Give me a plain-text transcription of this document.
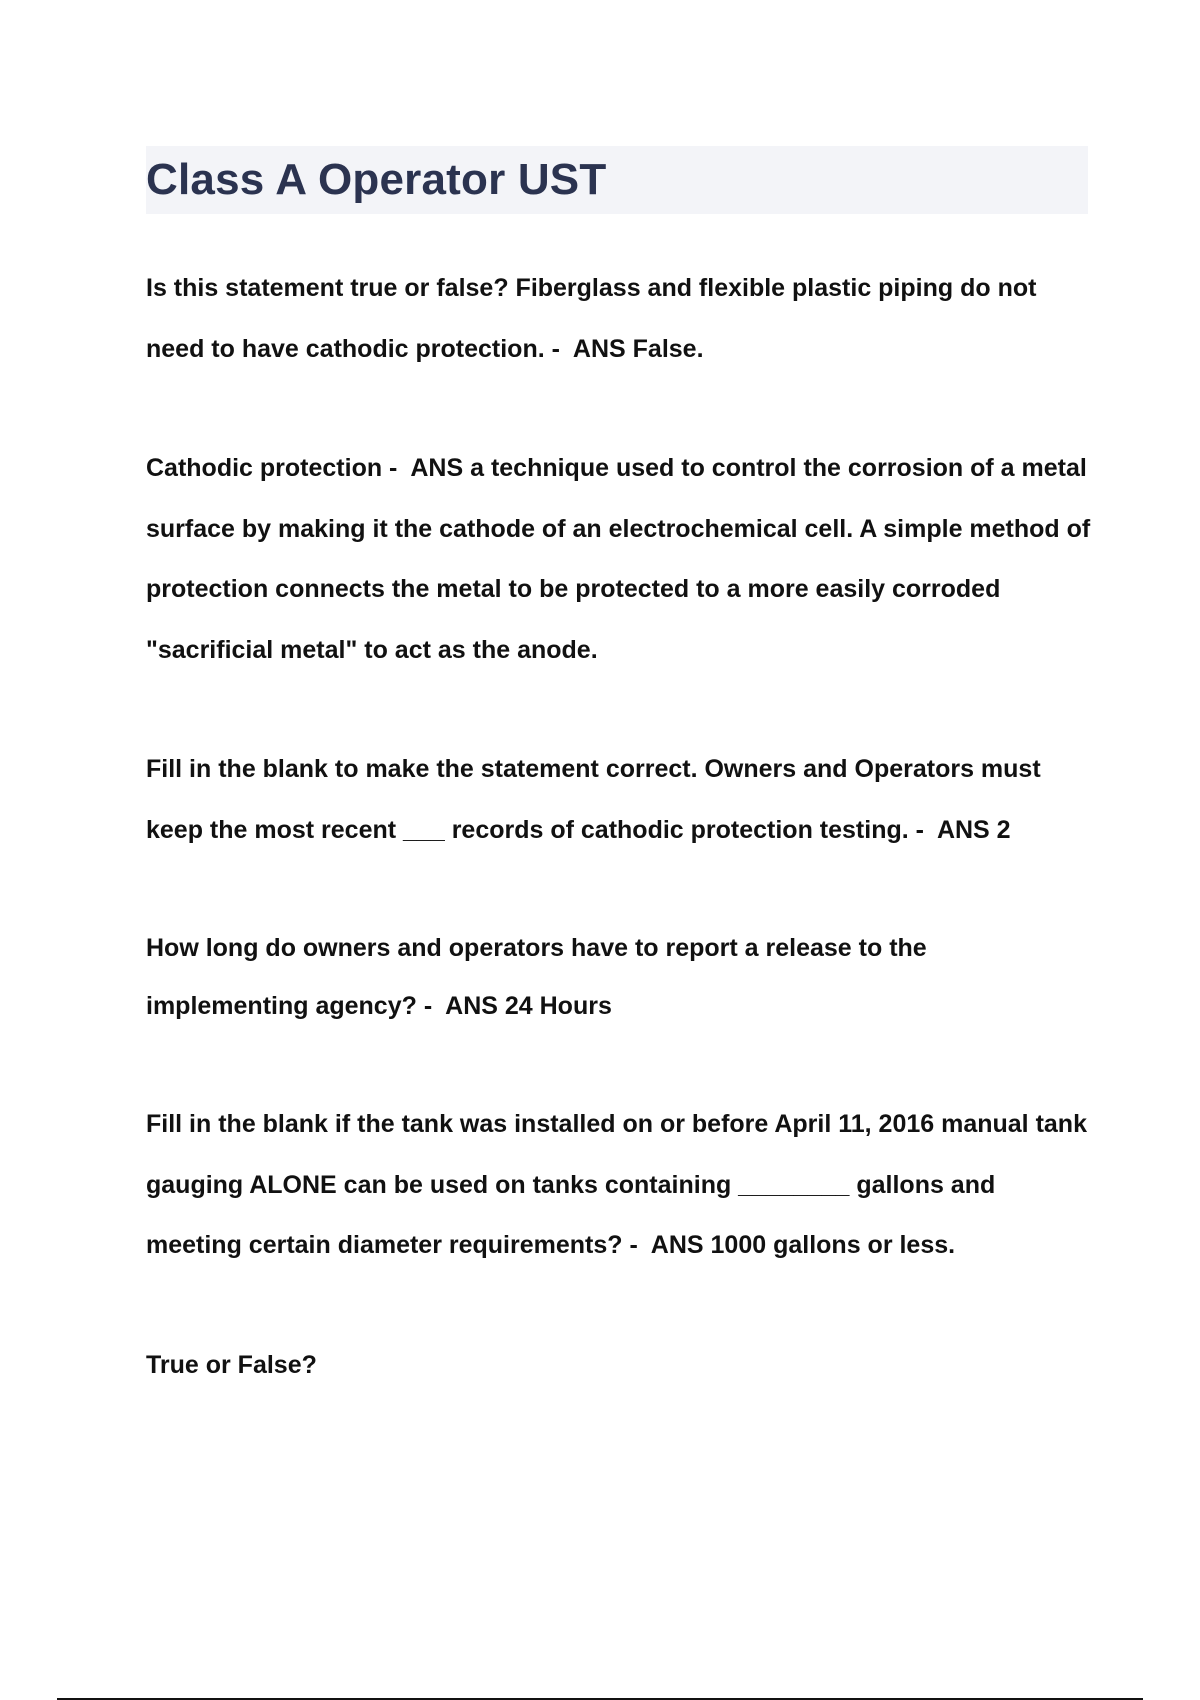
Class A Operator UST

Is this statement true or false? Fiberglass and flexible plastic piping do not need to have cathodic protection. -  ANS False.

Cathodic protection -  ANS a technique used to control the corrosion of a metal surface by making it the cathode of an electrochemical cell. A simple method of protection connects the metal to be protected to a more easily corroded "sacrificial metal" to act as the anode.

Fill in the blank to make the statement correct. Owners and Operators must keep the most recent ___ records of cathodic protection testing. -  ANS 2

How long do owners and operators have to report a release to the implementing agency? -  ANS 24 Hours

Fill in the blank if the tank was installed on or before April 11, 2016 manual tank gauging ALONE can be used on tanks containing ________ gallons and meeting certain diameter requirements? -  ANS 1000 gallons or less.

True or False?
